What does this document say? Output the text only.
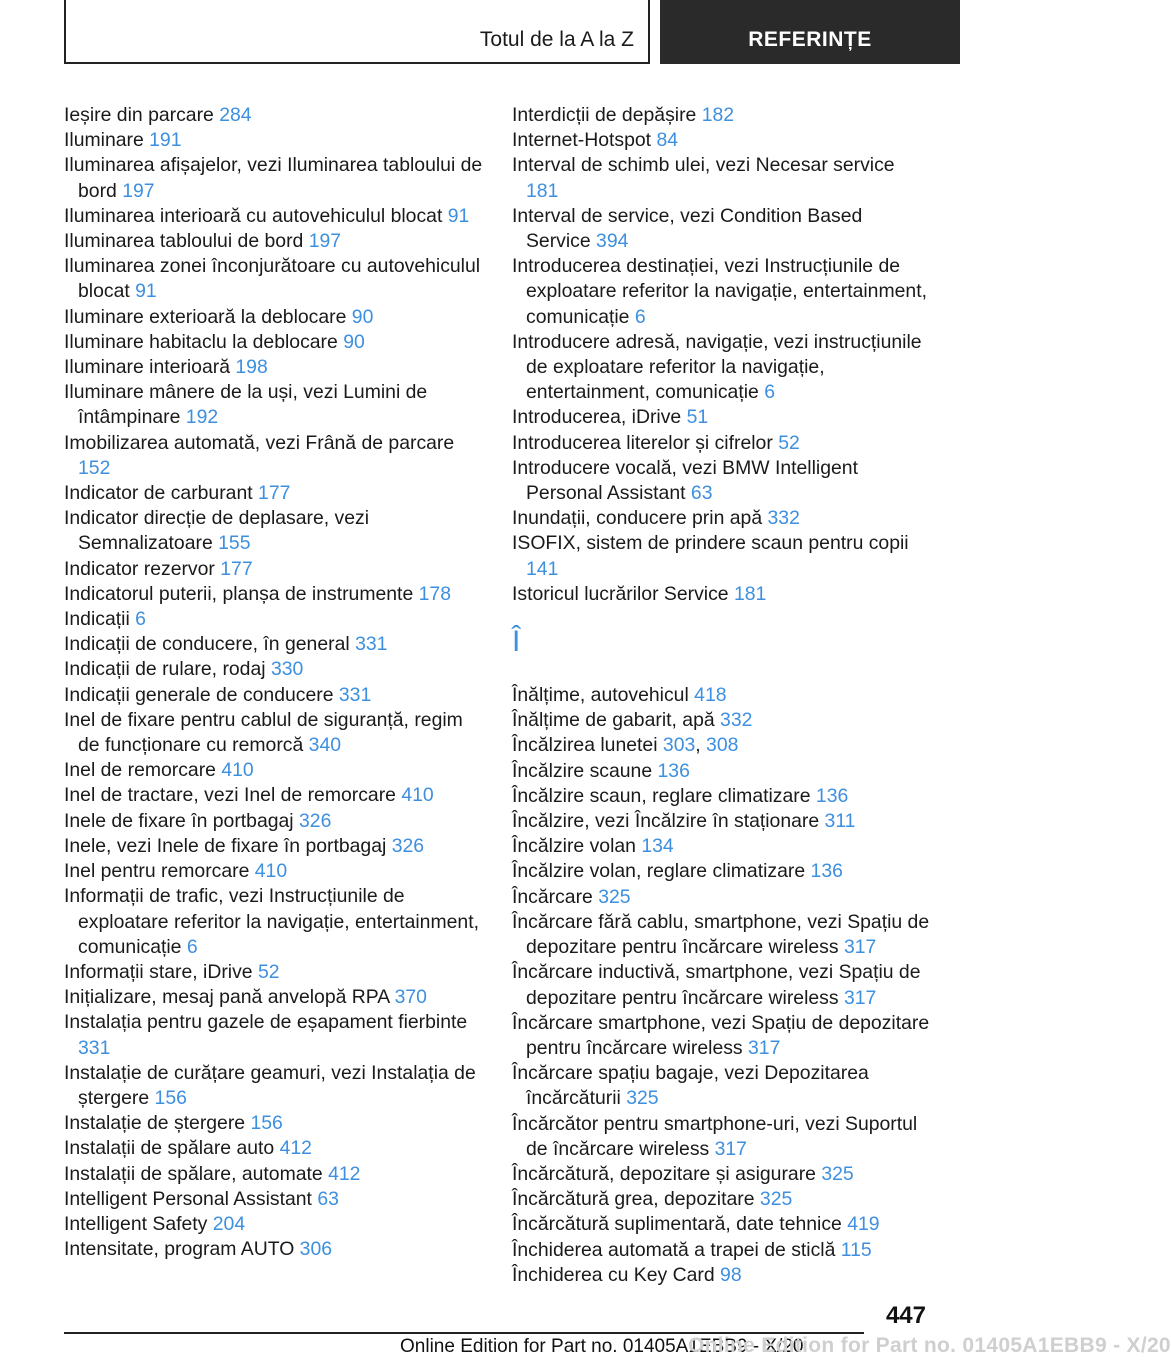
Totul de la A la Z	REFERINȚE
Ieșire din parcare 284
Iluminare 191
Iluminarea afișajelor, vezi Iluminarea tabloului de bord 197
Iluminarea interioară cu autovehiculul blocat 91
Iluminarea tabloului de bord 197
Iluminarea zonei înconjurătoare cu autovehiculul blocat 91
Iluminare exterioară la deblocare 90
Iluminare habitaclu la deblocare 90
Iluminare interioară 198
Iluminare mânere de la uși, vezi Lumini de întâmpinare 192
Imobilizarea automată, vezi Frână de parcare 152
Indicator de carburant 177
Indicator direcție de deplasare, vezi Semnalizatoare 155
Indicator rezervor 177
Indicatorul puterii, planșa de instrumente 178
Indicații 6
Indicații de conducere, în general 331
Indicații de rulare, rodaj 330
Indicații generale de conducere 331
Inel de fixare pentru cablul de siguranță, regim de funcționare cu remorcă 340
Inel de remorcare 410
Inel de tractare, vezi Inel de remorcare 410
Inele de fixare în portbagaj 326
Inele, vezi Inele de fixare în portbagaj 326
Inel pentru remorcare 410
Informații de trafic, vezi Instrucțiunile de exploatare referitor la navigație, entertainment, comunicație 6
Informații stare, iDrive 52
Inițializare, mesaj pană anvelopă RPA 370
Instalația pentru gazele de eșapament fierbinte 331
Instalație de curățare geamuri, vezi Instalația de ștergere 156
Instalație de ștergere 156
Instalații de spălare auto 412
Instalații de spălare, automate 412
Intelligent Personal Assistant 63
Intelligent Safety 204
Intensitate, program AUTO 306
Interdicții de depășire 182
Internet-Hotspot 84
Interval de schimb ulei, vezi Necesar service 181
Interval de service, vezi Condition Based Service 394
Introducerea destinației, vezi Instrucțiunile de exploatare referitor la navigație, entertainment, comunicație 6
Introducere adresă, navigație, vezi instrucțiunile de exploatare referitor la navigație, entertainment, comunicație 6
Introducerea, iDrive 51
Introducerea literelor și cifrelor 52
Introducere vocală, vezi BMW Intelligent Personal Assistant 63
Inundații, conducere prin apă 332
ISOFIX, sistem de prindere scaun pentru copii 141
Istoricul lucrărilor Service 181
Î
Înălțime, autovehicul 418
Înălțime de gabarit, apă 332
Încălzirea lunetei 303, 308
Încălzire scaune 136
Încălzire scaun, reglare climatizare 136
Încălzire, vezi Încălzire în staționare 311
Încălzire volan 134
Încălzire volan, reglare climatizare 136
Încărcare 325
Încărcare fără cablu, smartphone, vezi Spațiu de depozitare pentru încărcare wireless 317
Încărcare inductivă, smartphone, vezi Spațiu de depozitare pentru încărcare wireless 317
Încărcare smartphone, vezi Spațiu de depozitare pentru încărcare wireless 317
Încărcare spațiu bagaje, vezi Depozitarea încărcăturii 325
Încărcător pentru smartphone-uri, vezi Suportul de încărcare wireless 317
Încărcătură, depozitare și asigurare 325
Încărcătură grea, depozitare 325
Încărcătură suplimentară, date tehnice 419
Închiderea automată a trapei de sticlă 115
Închiderea cu Key Card 98
447
Online Edition for Part no. 01405A1EBB9 - X/20
Online Edition for Part no. 01405A1EBB9 - X/20
